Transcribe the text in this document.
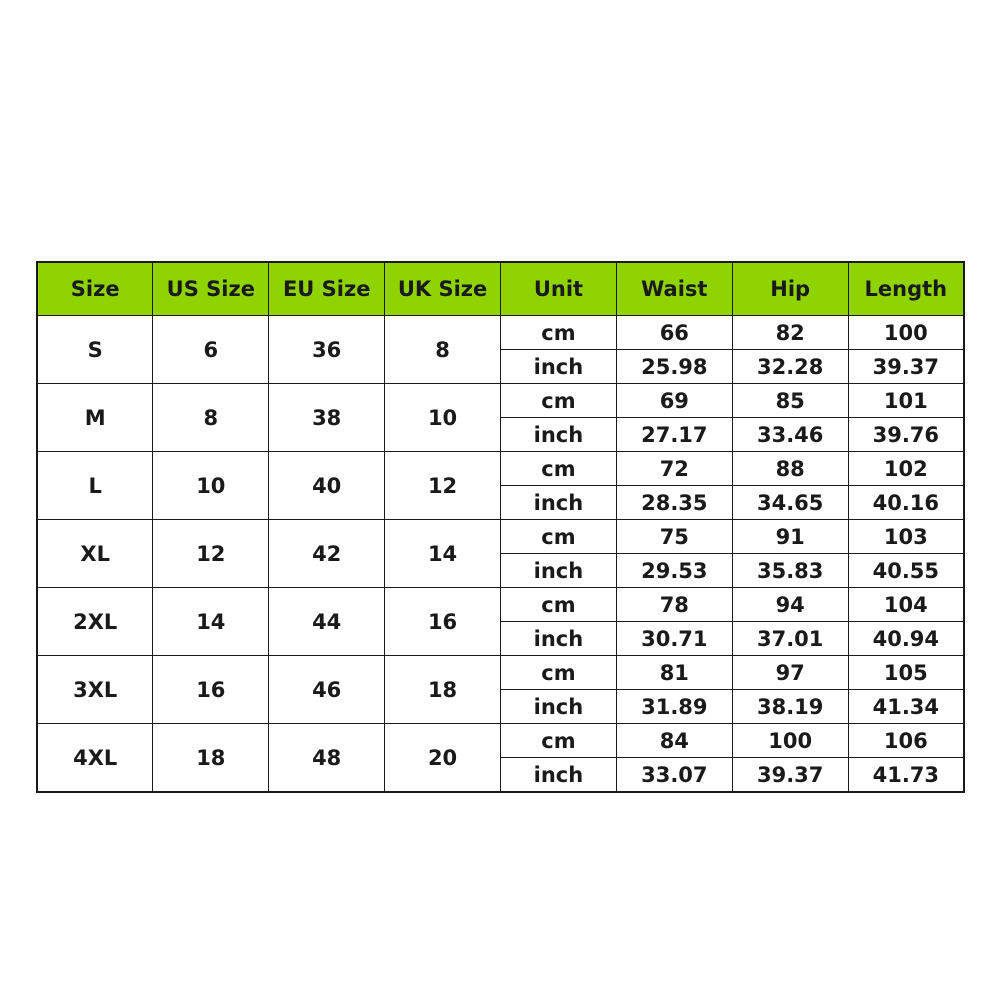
Size	US Size	EU Size	UK Size	Unit	Waist	Hip	Length
S	6	36	8	cm	66	82	100
				inch	25.98	32.28	39.37
M	8	38	10	cm	69	85	101
				inch	27.17	33.46	39.76
L	10	40	12	cm	72	88	102
				inch	28.35	34.65	40.16
XL	12	42	14	cm	75	91	103
				inch	29.53	35.83	40.55
2XL	14	44	16	cm	78	94	104
				inch	30.71	37.01	40.94
3XL	16	46	18	cm	81	97	105
				inch	31.89	38.19	41.34
4XL	18	48	20	cm	84	100	106
				inch	33.07	39.37	41.73
